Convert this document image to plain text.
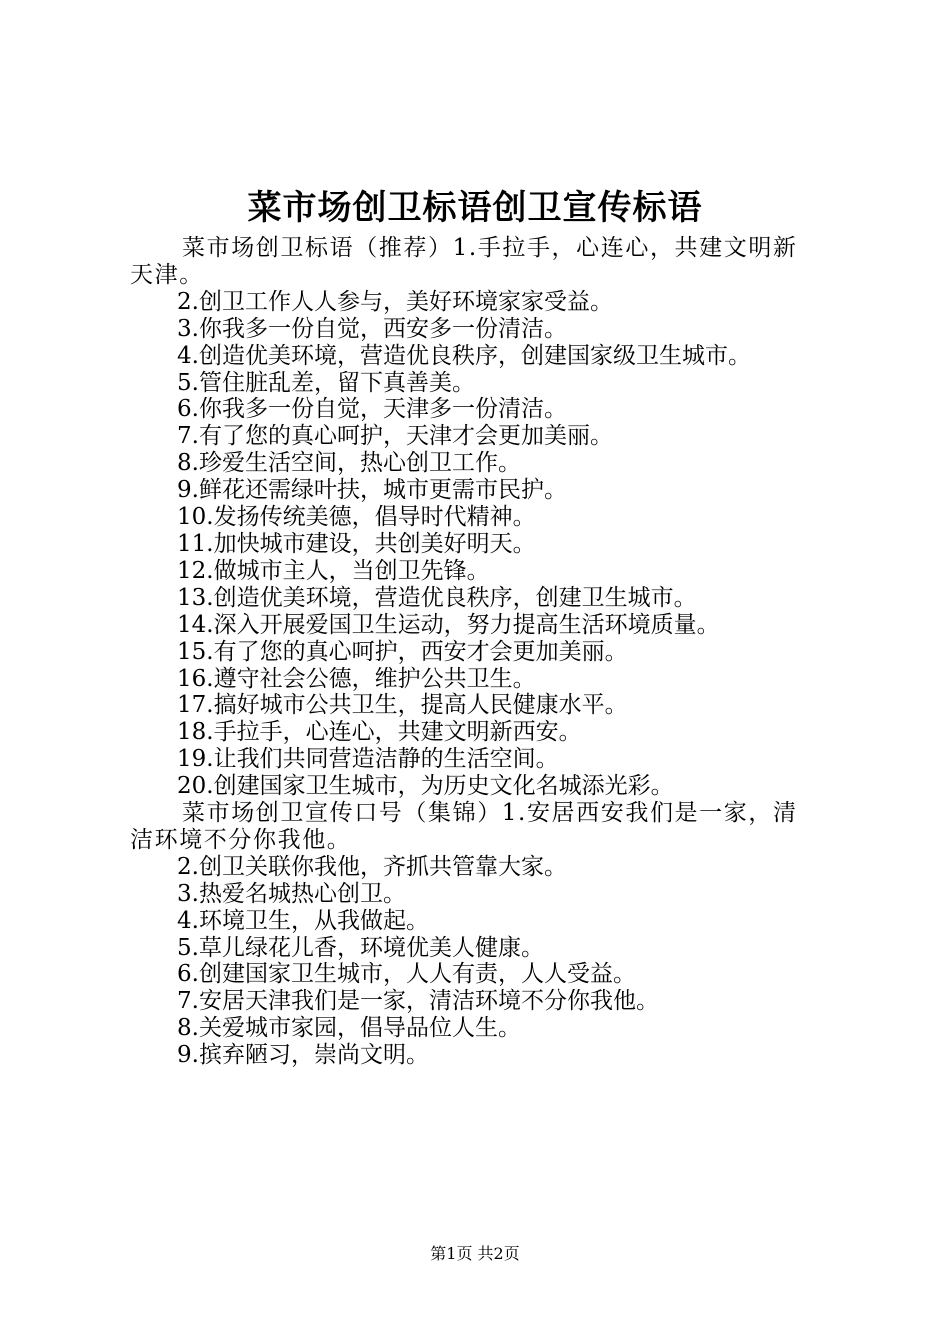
菜市场创卫标语创卫宣传标语

菜市场创卫标语（推荐）1.手拉手，心连心，共建文明新

天津。

2.创卫工作人人参与，美好环境家家受益。

3.你我多一份自觉，西安多一份清洁。

4.创造优美环境，营造优良秩序，创建国家级卫生城市。

5.管住脏乱差，留下真善美。

6.你我多一份自觉，天津多一份清洁。

7.有了您的真心呵护，天津才会更加美丽。

8.珍爱生活空间，热心创卫工作。

9.鲜花还需绿叶扶，城市更需市民护。

10.发扬传统美德，倡导时代精神。

11.加快城市建设，共创美好明天。

12.做城市主人，当创卫先锋。

13.创造优美环境，营造优良秩序，创建卫生城市。

14.深入开展爱国卫生运动，努力提高生活环境质量。

15.有了您的真心呵护，西安才会更加美丽。

16.遵守社会公德，维护公共卫生。

17.搞好城市公共卫生，提高人民健康水平。

18.手拉手，心连心，共建文明新西安。

19.让我们共同营造洁静的生活空间。

20.创建国家卫生城市，为历史文化名城添光彩。

菜市场创卫宣传口号（集锦）1.安居西安我们是一家，清

洁环境不分你我他。

2.创卫关联你我他，齐抓共管靠大家。

3.热爱名城热心创卫。

4.环境卫生，从我做起。

5.草儿绿花儿香，环境优美人健康。

6.创建国家卫生城市，人人有责，人人受益。

7.安居天津我们是一家，清洁环境不分你我他。

8.关爱城市家园，倡导品位人生。

9.摈弃陋习，崇尚文明。

第1页 共2页
